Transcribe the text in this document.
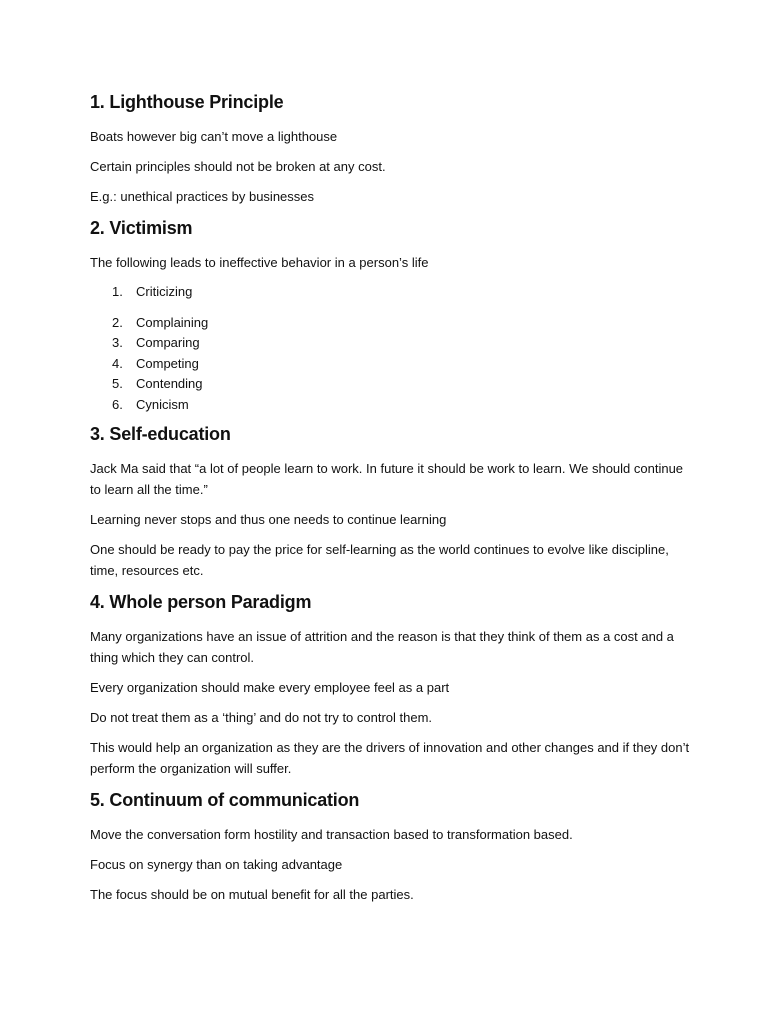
1. Lighthouse Principle

Boats however big can’t move a lighthouse

Certain principles should not be broken at any cost.

E.g.: unethical practices by businesses

2. Victimism

The following leads to ineffective behavior in a person’s life

1. Criticizing
2. Complaining
3. Comparing
4. Competing
5. Contending
6. Cynicism
3. Self-education

Jack Ma said that “a lot of people learn to work. In future it should be work to learn. We should continue to learn all the time.”

Learning never stops and thus one needs to continue learning

One should be ready to pay the price for self-learning as the world continues to evolve like discipline, time, resources etc.

4. Whole person Paradigm

Many organizations have an issue of attrition and the reason is that they think of them as a cost and a thing which they can control.

Every organization should make every employee feel as a part

Do not treat them as a ‘thing’ and do not try to control them.

This would help an organization as they are the drivers of innovation and other changes and if they don’t perform the organization will suffer.

5. Continuum of communication

Move the conversation form hostility and transaction based to transformation based.

Focus on synergy than on taking advantage

The focus should be on mutual benefit for all the parties.
